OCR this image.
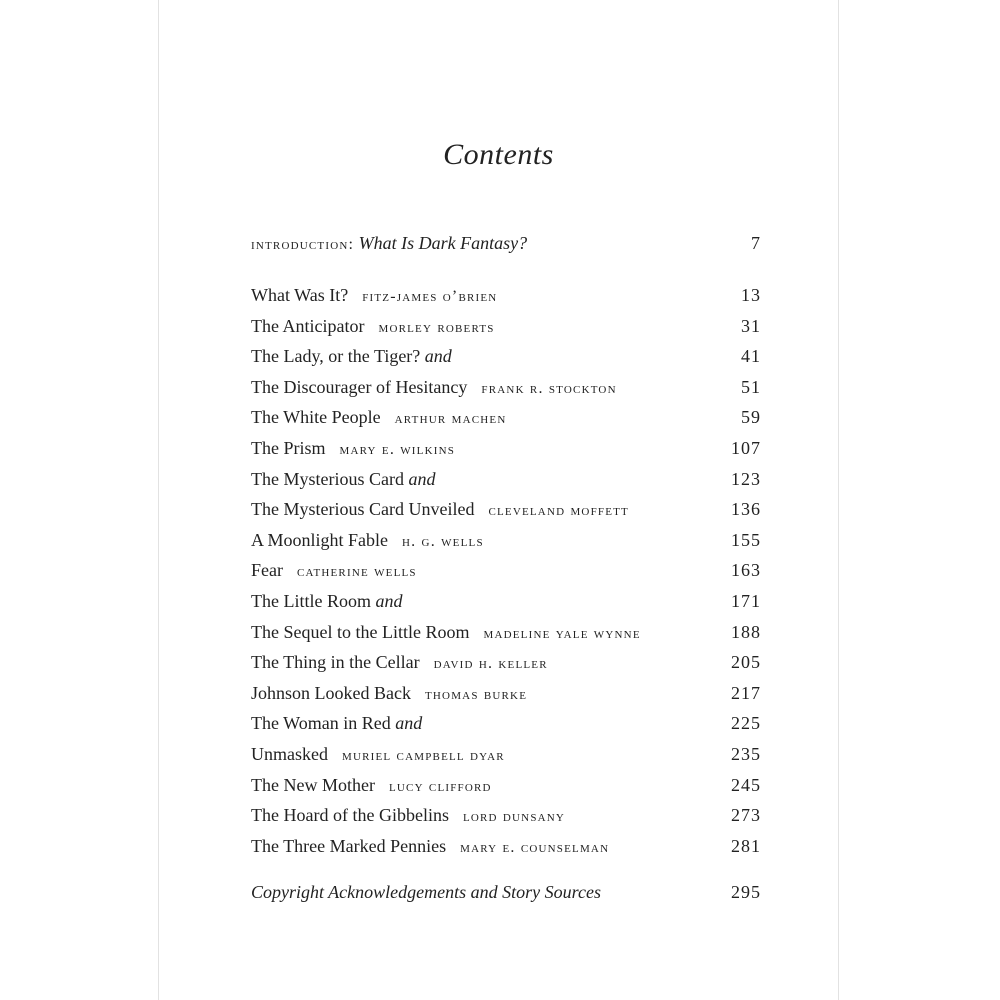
Contents
introduction: What Is Dark Fantasy?	7
What Was It? fitz-james o’brien	13
The Anticipator morley roberts	31
The Lady, or the Tiger? and	41
The Discourager of Hesitancy frank r. stockton	51
The White People arthur machen	59
The Prism mary e. wilkins	107
The Mysterious Card and	123
The Mysterious Card Unveiled cleveland moffett	136
A Moonlight Fable h. g. wells	155
Fear catherine wells	163
The Little Room and	171
The Sequel to the Little Room madeline yale wynne	188
The Thing in the Cellar david h. keller	205
Johnson Looked Back thomas burke	217
The Woman in Red and	225
Unmasked muriel campbell dyar	235
The New Mother lucy clifford	245
The Hoard of the Gibbelins lord dunsany	273
The Three Marked Pennies mary e. counselman	281
Copyright Acknowledgements and Story Sources	295
